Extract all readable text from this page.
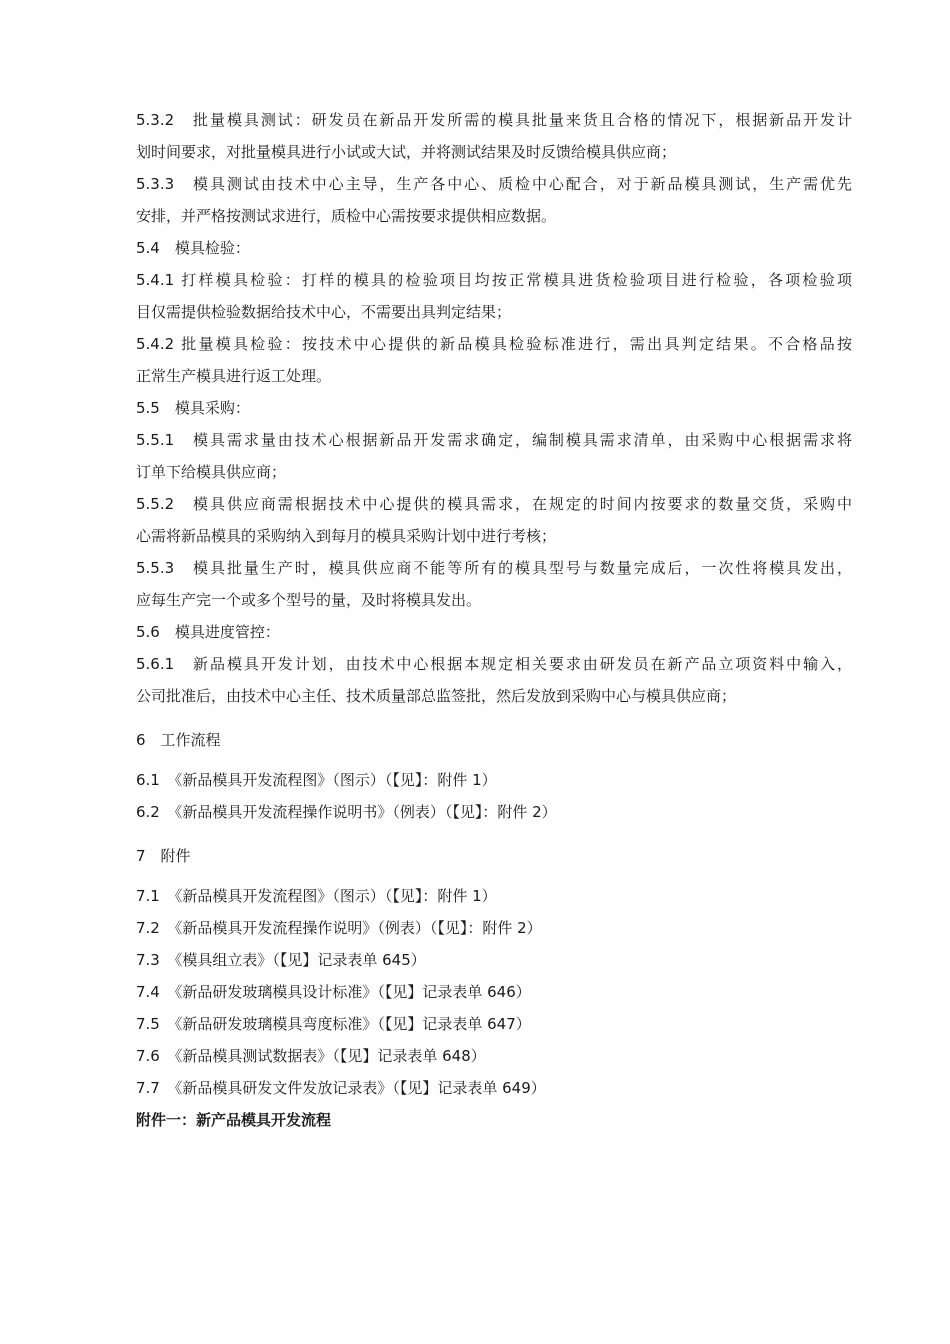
5.3.2　批量模具测试：研发员在新品开发所需的模具批量来货且合格的情况下，根据新品开发计
划时间要求，对批量模具进行小试或大试，并将测试结果及时反馈给模具供应商；
5.3.3　模具测试由技术中心主导，生产各中心、质检中心配合，对于新品模具测试，生产需优先
安排，并严格按测试求进行，质检中心需按要求提供相应数据。
5.4　模具检验：
5.4.1 打样模具检验：打样的模具的检验项目均按正常模具进货检验项目进行检验，各项检验项
目仅需提供检验数据给技术中心，不需要出具判定结果；
5.4.2 批量模具检验：按技术中心提供的新品模具检验标准进行，需出具判定结果。不合格品按
正常生产模具进行返工处理。
5.5　模具采购：
5.5.1　模具需求量由技术心根据新品开发需求确定，编制模具需求清单，由采购中心根据需求将
订单下给模具供应商；
5.5.2　模具供应商需根据技术中心提供的模具需求，在规定的时间内按要求的数量交货，采购中
心需将新品模具的采购纳入到每月的模具采购计划中进行考核；
5.5.3　模具批量生产时，模具供应商不能等所有的模具型号与数量完成后，一次性将模具发出，
应每生产完一个或多个型号的量，及时将模具发出。
5.6　模具进度管控：
5.6.1　新品模具开发计划，由技术中心根据本规定相关要求由研发员在新产品立项资料中输入，
公司批准后，由技术中心主任、技术质量部总监签批，然后发放到采购中心与模具供应商；
6　工作流程
6.1　《新品模具开发流程图》（图示）（【见】：附件 1）
6.2　《新品模具开发流程操作说明书》（例表）（【见】：附件 2）
7　附件
7.1　《新品模具开发流程图》（图示）（【见】：附件 1）
7.2　《新品模具开发流程操作说明》（例表）（【见】：附件 2）
7.3　《模具组立表》（【见】记录表单 645）
7.4　《新品研发玻璃模具设计标准》（【见】记录表单 646）
7.5　《新品研发玻璃模具弯度标准》（【见】记录表单 647）
7.6　《新品模具测试数据表》（【见】记录表单 648）
7.7　《新品模具研发文件发放记录表》（【见】记录表单 649）
附件一：新产品模具开发流程
